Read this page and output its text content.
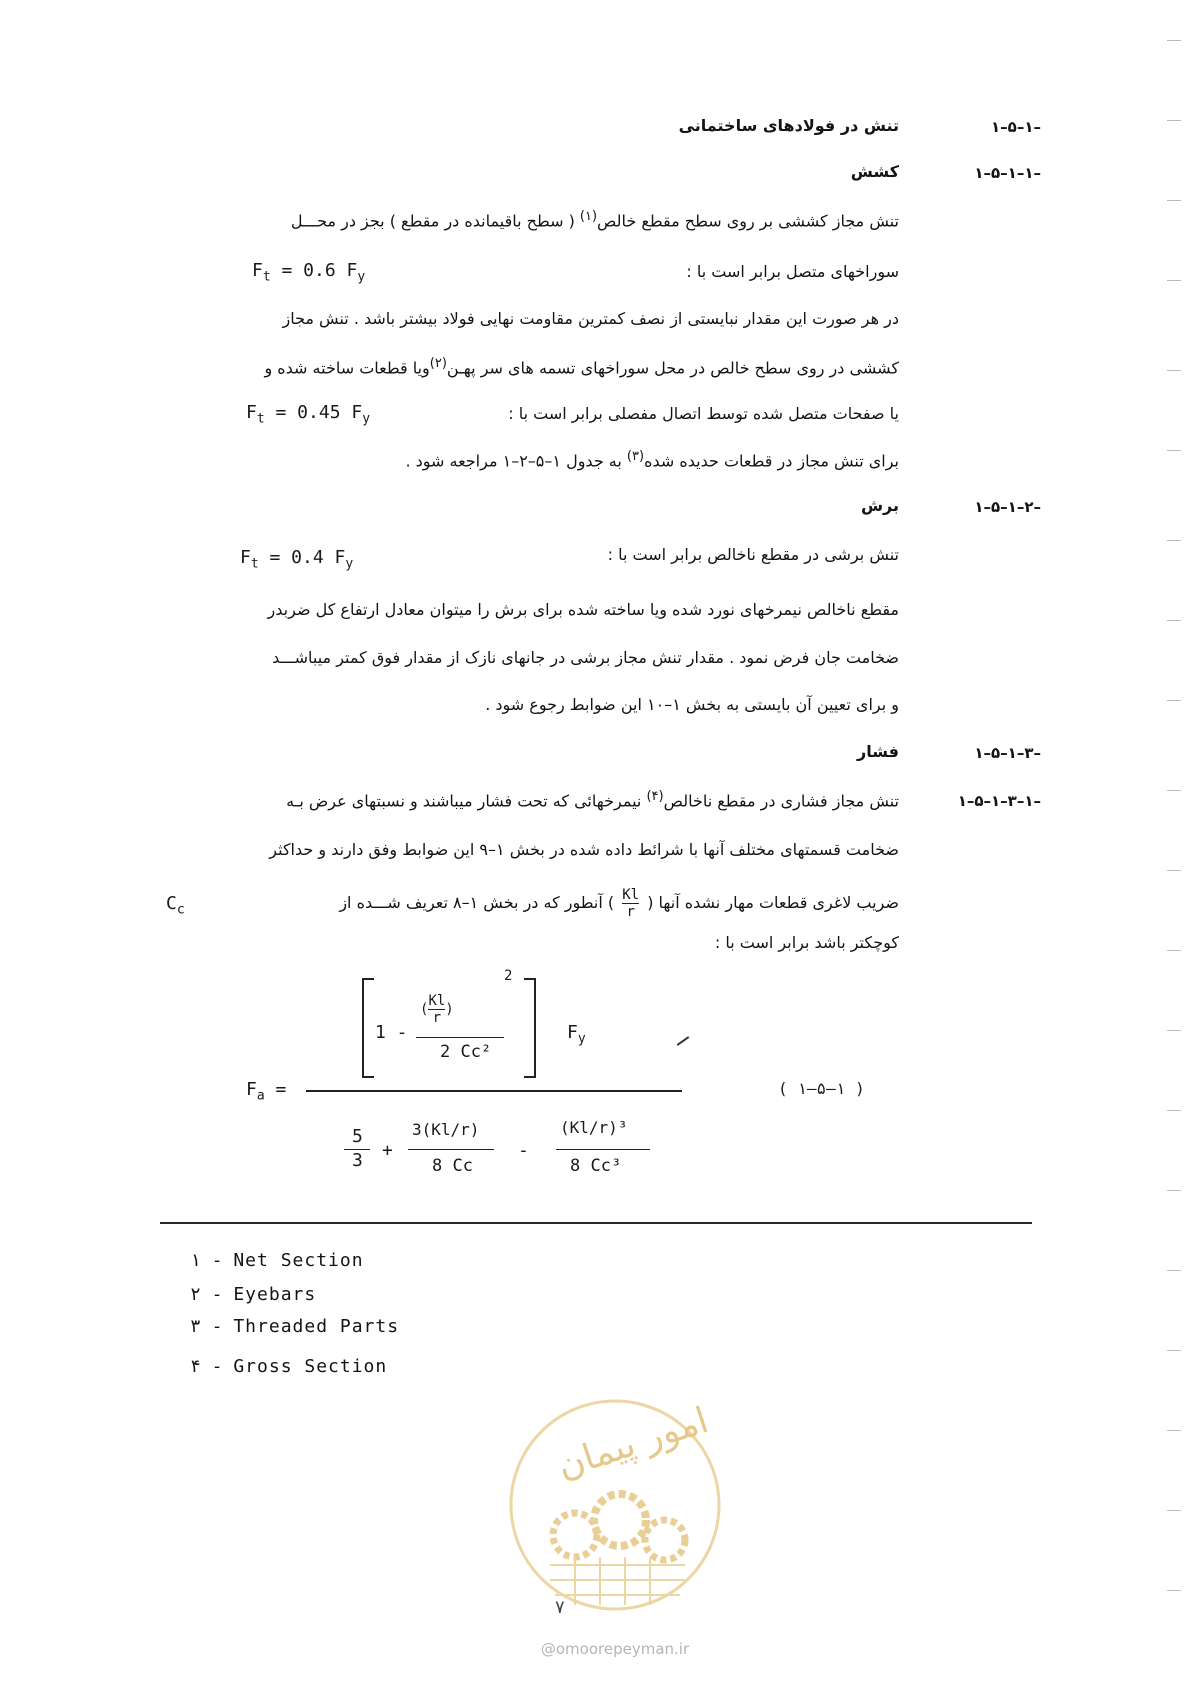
۱–۵–۱–
تنش در فولادهای ساختمانی
۱–۵–۱–۱–
کشش
تنش مجاز کششی بر روی سطح مقطع خالص$^{(۱)}$ ( سطح باقیمانده در مقطع ) بجز در محـــل
سوراخهای متصل برابر است با :
$F_t = 0.6$ $F_y$
در هر صورت این مقدار نبایستی از نصف کمترین مقاومت نهایی فولاد بیشتر باشد . تنش مجاز
کششی در روی سطح خالص در محل سوراخهای تسمه های سر پهـن$^{(۲)}$ویا قطعات ساخته شده و
یا صفحات متصل شده توسط اتصال مفصلی برابر است با :
$F_t = 0.45$ $F_y$
برای تنش مجاز در قطعات حدیده شده$^{(۳)}$ به جدول ۱–۵–۲–۱ مراجعه شود .
۱–۵–۱–۲–
برش
تنش برشی در مقطع ناخالص برابر است با :
$F_t = 0.4$ $F_y$
مقطع ناخالص نیمرخهای نورد شده ویا ساخته شده برای برش را میتوان معادل ارتفاع کل ضربدر
ضخامت جان فرض نمود . مقدار تنش مجاز برشی در جانهای نازک از مقدار فوق کمتر میباشـــد
و برای تعیین آن بایستی به بخش ۱–۱۰ این ضوابط رجوع شود .
۱–۵–۱–۳–
فشار
۱–۵–۱–۳–۱–
تنش مجاز فشاری در مقطع ناخالص$^{(۴)}$ نیمرخهائی که تحت فشار میباشند و نسبتهای عرض بـه
ضخامت قسمتهای مختلف آنها با شرائط داده شده در بخش ۱–۹ این ضوابط وفق دارند و حداکثر
ضریب لاغری قطعات مهار نشده آنها (
$\frac{Kl}{r}$
) آنطور که در بخش ۱–۸ تعریف شـــده از
$C_c$
کوچکتر باشد برابر است با :
1 -
2
( $\frac{Kl}{r}$ )
2 Cc²
$F_y$
$F_a$ =
5
3 +
3(Kl/r)
8 Cc
-
(Kl/r)³
8 Cc³
( ۱–۵–۱ )
۱ - Net Section
۲ - Eyebars
۳ - Threaded Parts
۴ - Gross Section
امور پیمان
۷
@omoorepeyman.ir
